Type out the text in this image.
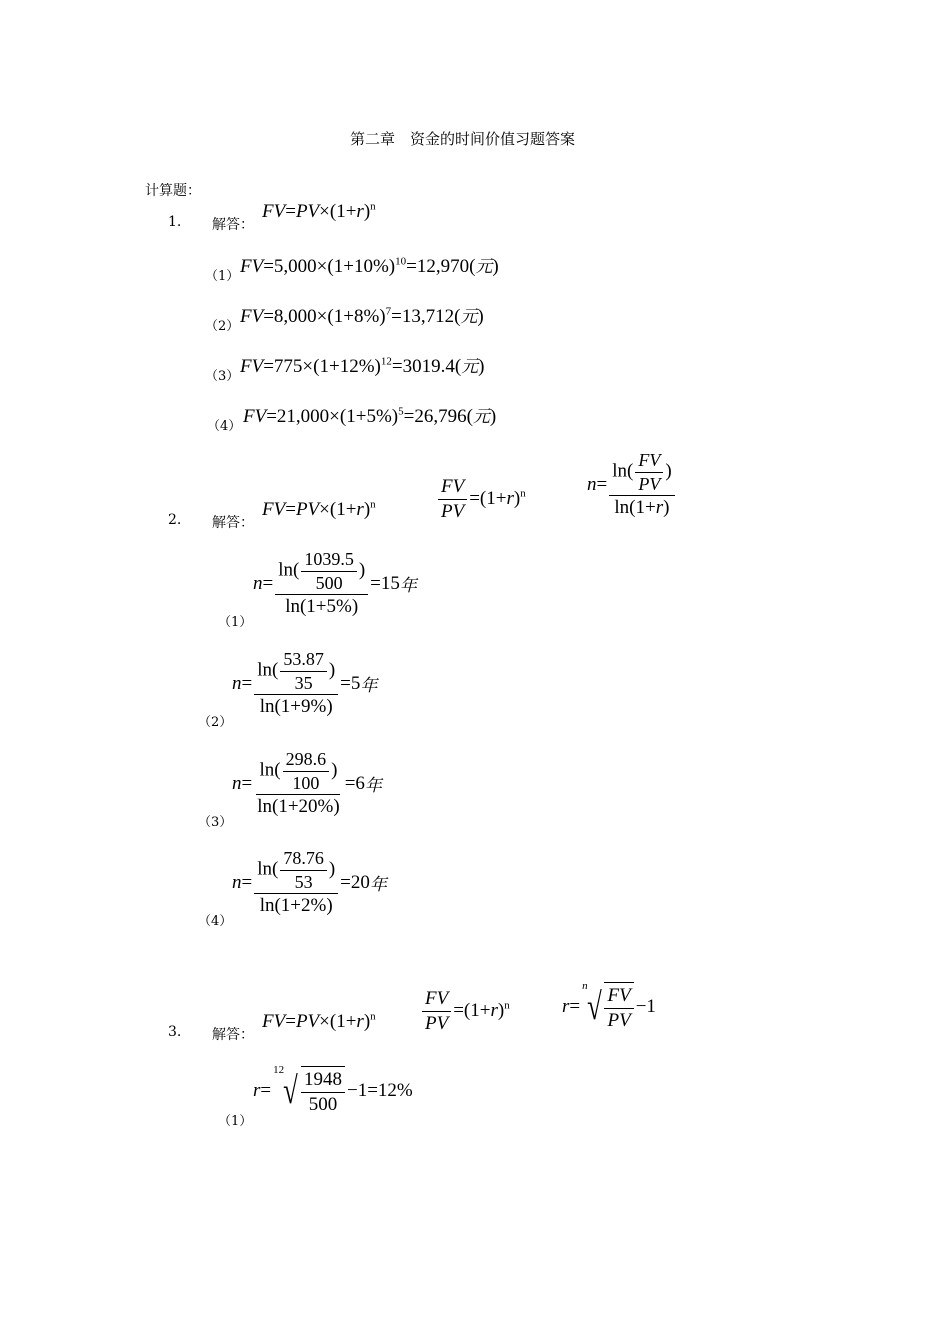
第二章　资金的时间价值习题答案
计算题：
1. 解答：
$FV=PV\times(1+r)^n$
（1） $FV=5,000\times(1+10\%)^{10}=12,970$(元)
（2） $FV=8,000\times(1+8\%)^7=13,712$(元)
（3） $FV=775\times(1+12\%)^{12}=3019.4$(元)
（4） $FV=21,000\times(1+5\%)^5=26,796$(元)
2. 解答：
$FV=PV\times(1+r)^n$	$\frac{FV}{PV} =(1+r)^n$	$n = \frac{\ln( \frac{FV}{PV} )}{\ln(1+r)}$
（1）
$n = \frac{\ln( \frac{1039.5}{500} )}{\ln(1+5\%)} =15$ 年
（2）
$n = \frac{\ln( \frac{53.87}{35} )}{\ln(1+9\%)} =5$ 年
（3）
$n = \frac{\ln( \frac{298.6}{100} )}{\ln(1+20\%)} =6$ 年
（4）
$n = \frac{\ln( \frac{78.76}{53} )}{\ln(1+2\%)} =20$ 年
3. 解答：
$FV=PV\times(1+r)^n \frac{FV}{PV} =(1+r)^n$	r =
n √ $\frac{FV}{PV} -1$
（1）
r =
12 √ $\frac{1948}{500} -1=12\%$
